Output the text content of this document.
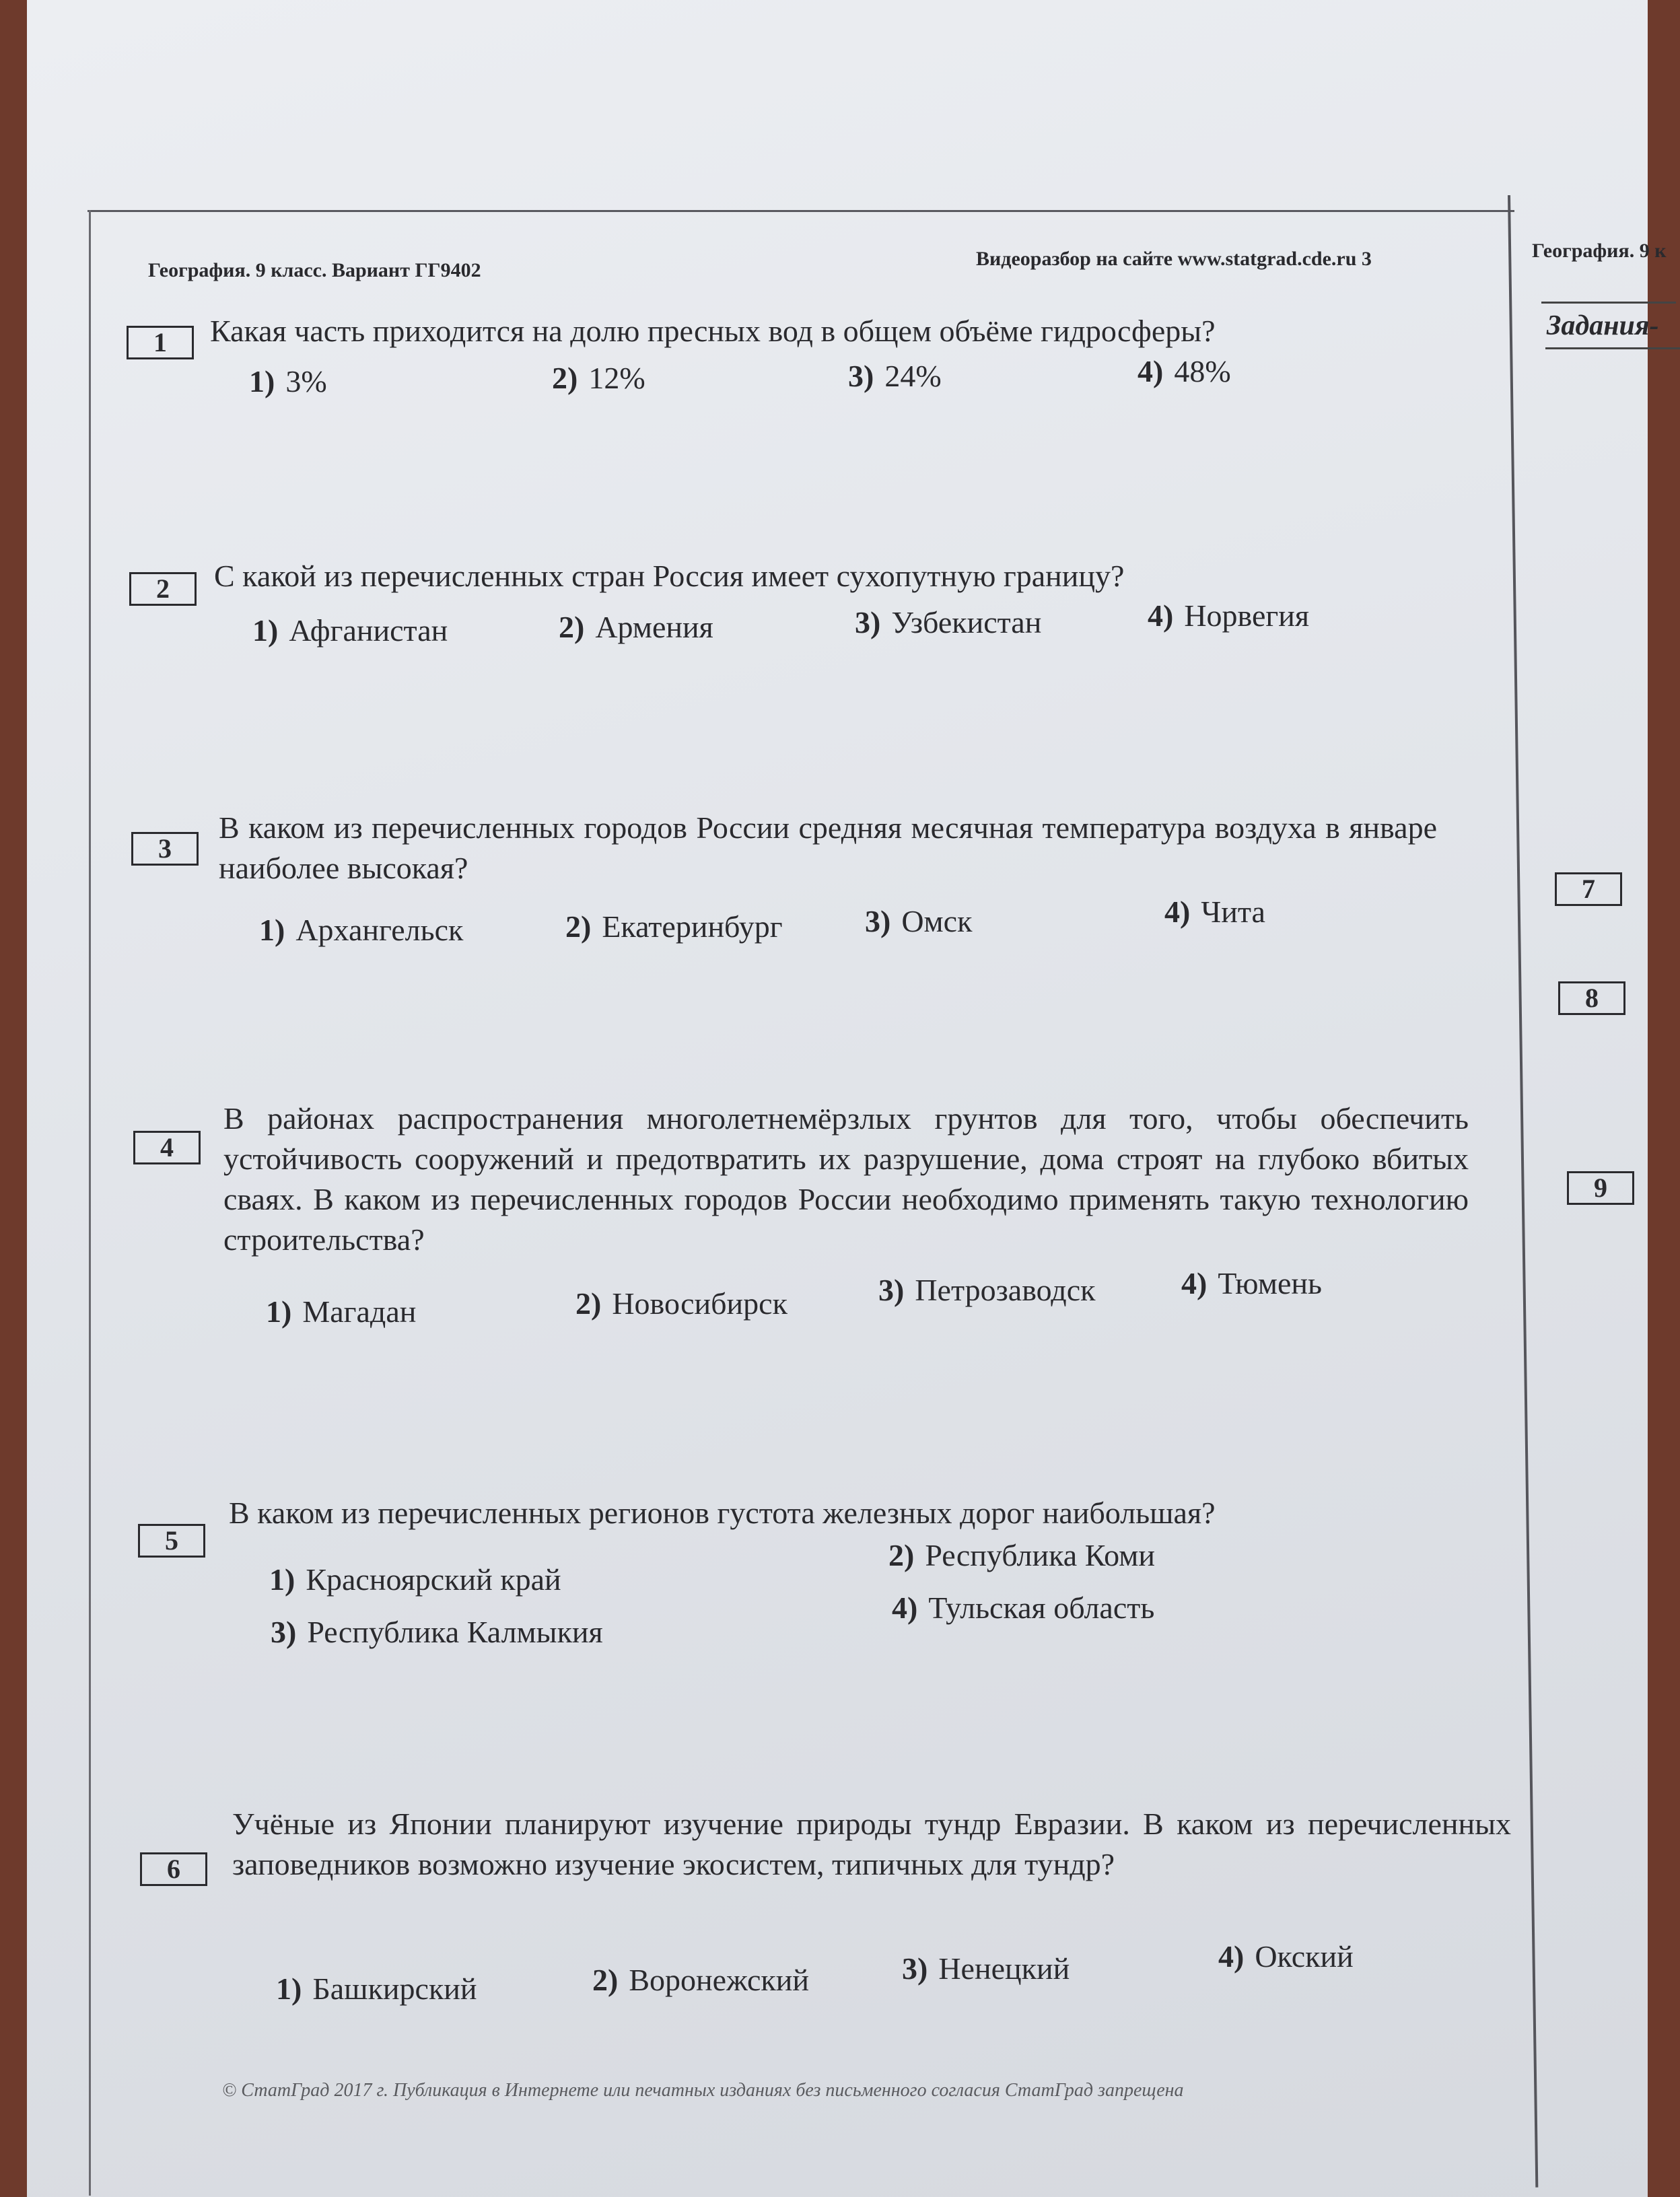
География. 9 класс. Вариант ГГ9402
Видеоразбор на сайте www.statgrad.cde.ru 3	География. 9 к
Задания-
7
8
9
1	Какая часть приходится на долю пресных вод в общем объёме гидросферы?
1) 3%	2) 12%	3) 24%	4) 48%
2	С какой из перечисленных стран Россия имеет сухопутную границу?
1) Афганистан	2) Армения	3) Узбекистан	4) Норвегия
3
В каком из перечисленных городов России средняя месячная температура воздуха в январе наиболее высокая?
1) Архангельск	2) Екатеринбург	3) Омск	4) Чита
4
В районах распространения многолетнемёрзлых грунтов для того, чтобы обеспечить устойчивость сооружений и предотвратить их разрушение, дома строят на глубоко вбитых сваях. В каком из перечисленных городов России необходимо применять такую технологию строительства?
1) Магадан	2) Новосибирск	3) Петрозаводск	4) Тюмень
5
В каком из перечисленных регионов густота железных дорог наибольшая?
1) Красноярский край
2) Республика Коми
3) Республика Калмыкия
4) Тульская область
6
Учёные из Японии планируют изучение природы тундр Евразии. В каком из перечисленных заповедников возможно изучение экосистем, типичных для тундр?
1) Башкирский	2) Воронежский	3) Ненецкий	4) Окский
© СтатГрад 2017 г. Публикация в Интернете или печатных изданиях без письменного согласия СтатГрад запрещена
